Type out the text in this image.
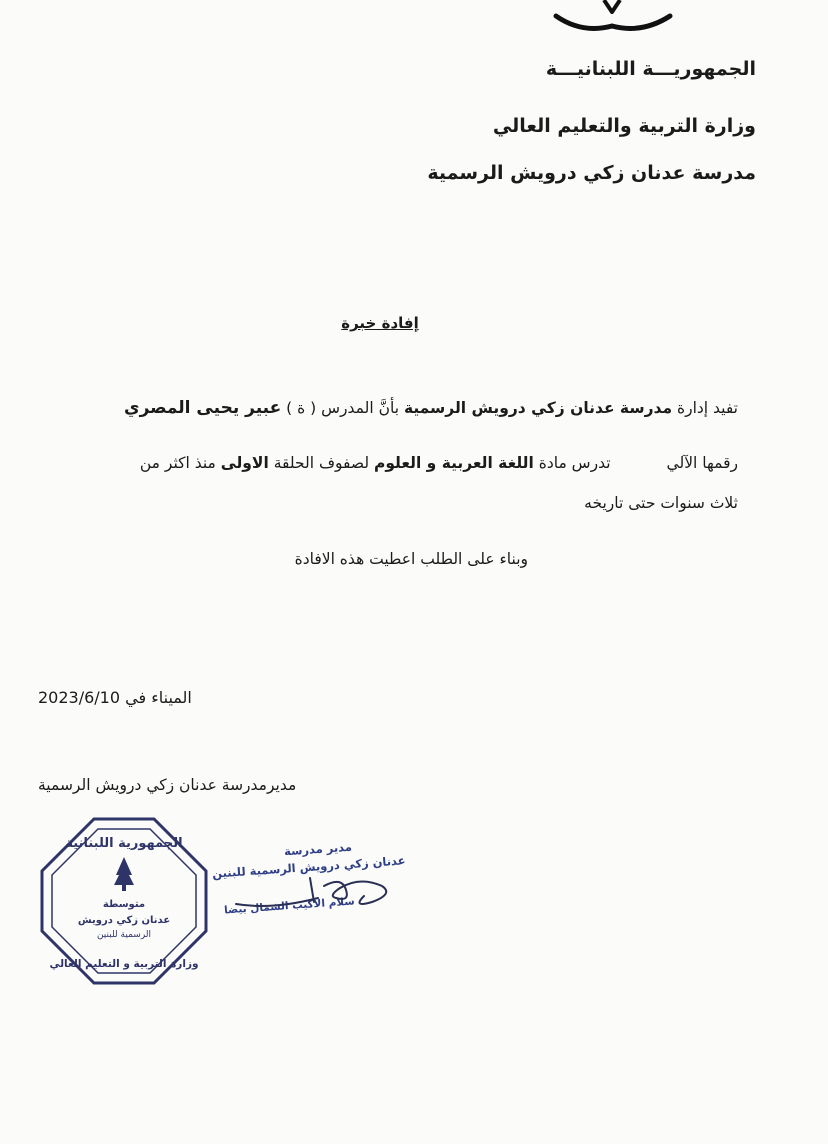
الجمهوريـــة اللبنانيـــة
وزارة التربية والتعليم العالي
مدرسة عدنان زكي درويش الرسمية
إفادة خبرة
تفيد إدارة مدرسة عدنان زكي درويش الرسمية بأنَّ المدرس ( ة ) عبير يحيى المصري
رقمها الآليتدرس مادة اللغة العربية و العلوم لصفوف الحلقة الاولى منذ اكثر من
ثلاث سنوات حتى تاريخه
وبناء على الطلب اعطيت هذه الافادة
الميناء في 2023/6/10
مديرمدرسة عدنان زكي درويش الرسمية
الجمهورية اللبنانية
متوسطة
عدنان زكي درويش
الرسمية للبنين
وزارة التربية و التعليم العالي
مدير مدرسة
عدنان زكي درويش الرسمية للبنين
سلام الاكيب الشمال بيضا
